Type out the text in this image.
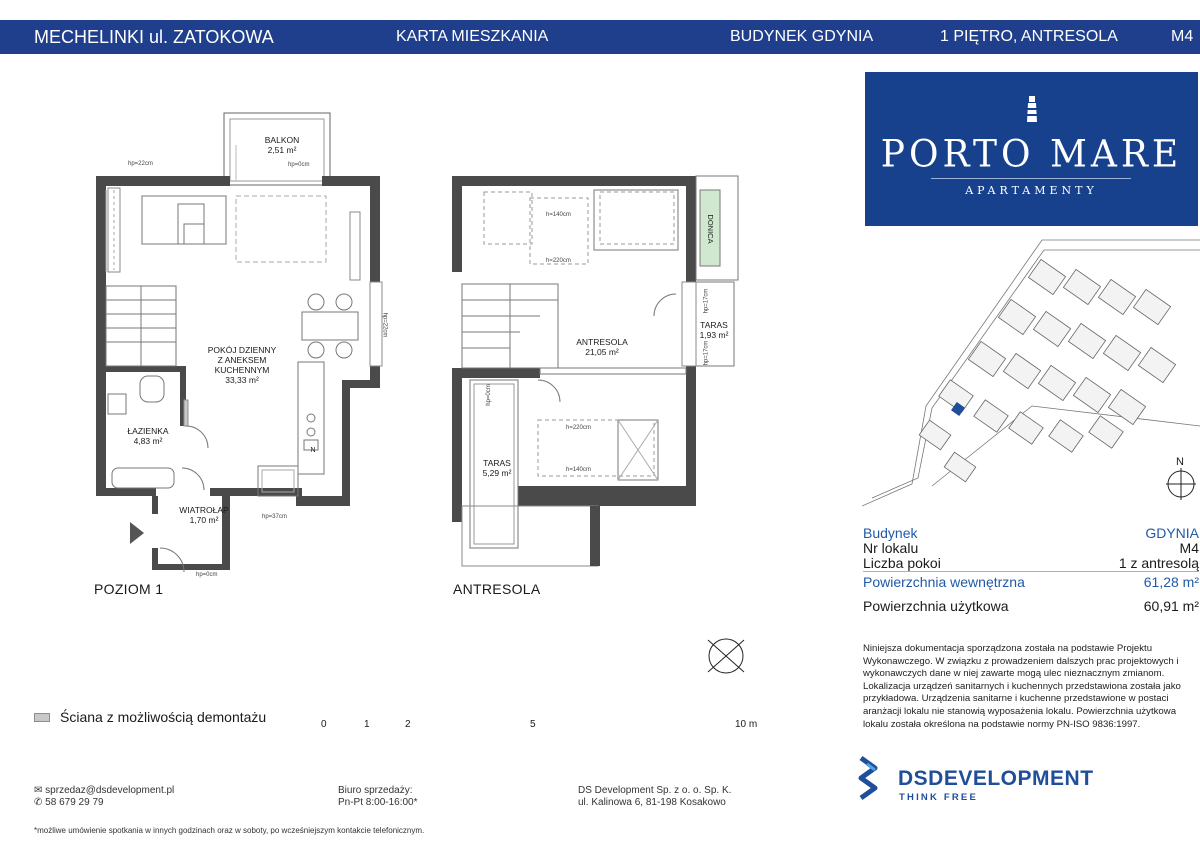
MECHELINKI ul. ZATOKOWA	KARTA MIESZKANIA	BUDYNEK GDYNIA	1 PIĘTRO, ANTRESOLA	M4
POZIOM 1	ANTRESOLA
BALKON
2,51 m²
POKÓJ DZIENNY
Z ANEKSEM
KUCHENNYM
33,33 m²
ŁAZIENKA
4,83 m²
WIATROŁAP
1,70 m²
ANTRESOLA
21,05 m²
TARAS
1,93 m²
TARAS
5,29 m²
DONICA
N
hp=22cm	hp=0cm
hp=22cm
hp=37cm
hp=0cm
h=140cm
h=220cm
hp=17cm
hp=17cm
hp=0cm
h=220cm
h=140cm
Ściana z możliwością demontażu	0	1	2	5	10 m
PORTO MARE
APARTAMENTY
N
Budynek	GDYNIA
Nr lokalu	M4
Liczba pokoi	1 z antresolą
Powierzchnia wewnętrzna	61,28 m²
Powierzchnia użytkowa	60,91 m²
Niniejsza dokumentacja sporządzona została na podstawie Projektu Wykonawczego. W związku z prowadzeniem dalszych prac projektowych i wykonawczych dane w niej zawarte mogą ulec nieznacznym zmianom. Lokalizacja urządzeń sanitarnych i kuchennych przedstawiona została jako przykładowa. Urządzenia sanitarne i kuchenne przedstawione w postaci aranżacji lokalu nie stanowią wyposażenia lokalu. Powierzchnia użytkowa lokalu została określona na podstawie normy PN-ISO 9836:1997.
DSDEVELOPMENT
THINK FREE
✉ sprzedaz@dsdevelopment.pl
✆ 58 679 29 79
Biuro sprzedaży:
Pn-Pt 8:00-16:00*
DS Development Sp. z o. o. Sp. K.
ul. Kalinowa 6, 81-198 Kosakowo
*możliwe umówienie spotkania w innych godzinach oraz w soboty, po wcześniejszym kontakcie telefonicznym.
